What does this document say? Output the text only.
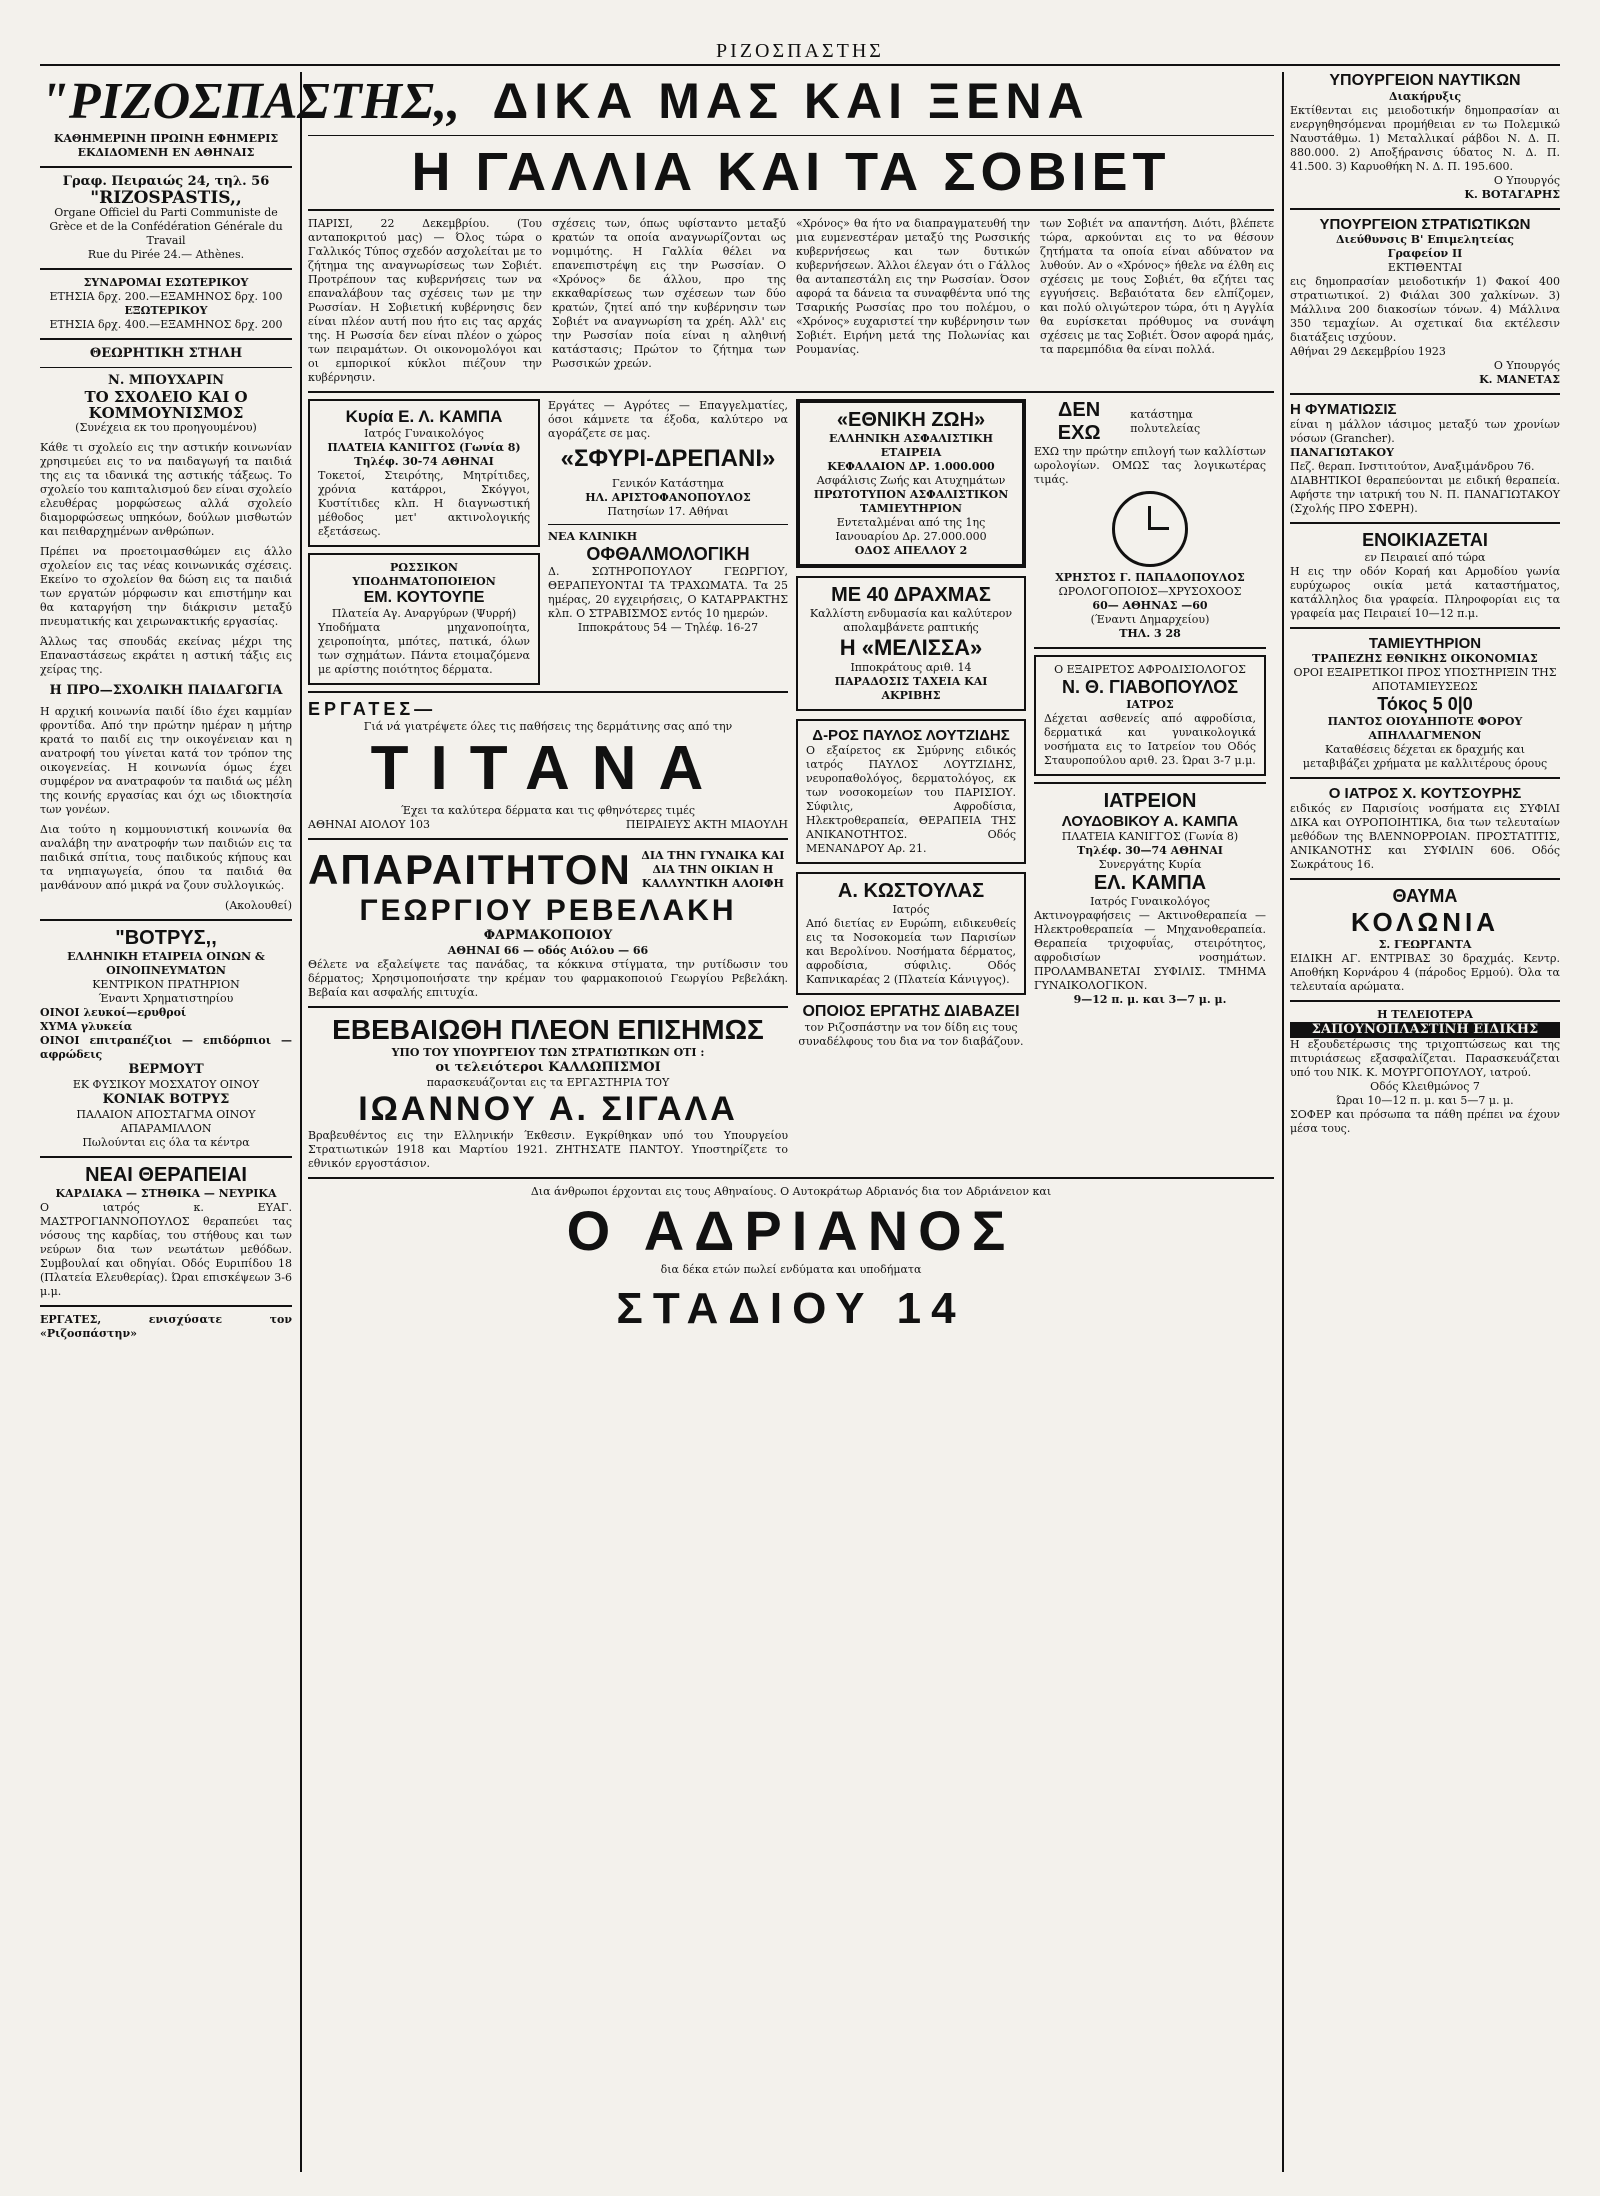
ΡΙΖΟΣΠΑΣΤΗΣ
"ΡΙΖΟΣΠΑΣΤΗΣ,,
ΚΑΘΗΜΕΡΙΝΗ ΠΡΩΙΝΗ ΕΦΗΜΕΡΙΣ
ΕΚΔΙΔΟΜΕΝΗ ΕΝ ΑΘΗΝΑΙΣ
Γραφ. Πειραιώς 24, τηλ. 56
"RIZOSPASTIS,,
Organe Officiel du Parti Communiste de Grèce et de la Confédération Générale du Travail
Rue du Pirée 24.— Athènes.
ΣΥΝΔΡΟΜΑΙ ΕΣΩΤΕΡΙΚΟΥ
ΕΤΗΣΙΑ δρχ. 200.—ΕΞΑΜΗΝΟΣ δρχ. 100
ΕΞΩΤΕΡΙΚΟΥ
ΕΤΗΣΙΑ δρχ. 400.—ΕΞΑΜΗΝΟΣ δρχ. 200
ΘΕΩΡΗΤΙΚΗ ΣΤΗΛΗ
Ν. ΜΠΟΥΧΑΡΙΝ
ΤΟ ΣΧΟΛΕΙΟ ΚΑΙ Ο ΚΟΜΜΟΥΝΙΣΜΟΣ
(Συνέχεια εκ του προηγουμένου)

Κάθε τι σχολείο εις την αστικήν κοινωνίαν χρησιμεύει εις το να παιδαγωγή τα παιδιά της εις τα ιδανικά της αστικής τάξεως. Το σχολείο του καπιταλισμού δεν είναι σχολείο ελευθέρας μορφώσεως αλλά σχολείο διαμορφώσεως υπηκόων, δούλων μισθωτών και πειθαρχημένων ανθρώπων.

Πρέπει να προετοιμασθώμεν εις άλλο σχολείον εις τας νέας κοινωνικάς σχέσεις. Εκείνο το σχολείον θα δώση εις τα παιδιά των εργατών μόρφωσιν και επιστήμην και θα καταργήση την διάκρισιν μεταξύ πνευματικής και χειρωνακτικής εργασίας.

Άλλως τας σπουδάς εκείνας μέχρι της Επαναστάσεως εκράτει η αστική τάξις εις χείρας της.

Η ΠΡΟ—ΣΧΟΛΙΚΗ ΠΑΙΔΑΓΩΓΙΑ

Η αρχική κοινωνία παιδί ίδιο έχει καμμίαν φροντίδα. Από την πρώτην ημέραν η μήτηρ κρατά το παιδί εις την οικογένειαν και η ανατροφή του γίνεται κατά τον τρόπον της οικογενείας. Η κοινωνία όμως έχει συμφέρον να ανατραφούν τα παιδιά ως μέλη της κοινής εργασίας και όχι ως ιδιοκτησία των γονέων.

Δια τούτο η κομμουνιστική κοινωνία θα αναλάβη την ανατροφήν των παιδιών εις τα παιδικά σπίτια, τους παιδικούς κήπους και τα νηπιαγωγεία, όπου τα παιδιά θα μανθάνουν από μικρά να ζουν συλλογικώς.

(Ακολουθεί)
"ΒΟΤΡΥΣ,,
ΕΛΛΗΝΙΚΗ ΕΤΑΙΡΕΙΑ ΟΙΝΩΝ & ΟΙΝΟΠΝΕΥΜΑΤΩΝ
ΚΕΝΤΡΙΚΟΝ ΠΡΑΤΗΡΙΟΝ
Έναντι Χρηματιστηρίου
ΟΙΝΟΙ λευκοί—ερυθροί
ΧΥΜΑ γλυκεία
ΟΙΝΟΙ επιτραπέζιοι — επιδόρπιοι — αφρώδεις
ΒΕΡΜΟΥΤ
ΕΚ ΦΥΣΙΚΟΥ ΜΟΣΧΑΤΟΥ ΟΙΝΟΥ
ΚΟΝΙΑΚ ΒΟΤΡΥΣ
ΠΑΛΑΙΟΝ ΑΠΟΣΤΑΓΜΑ ΟΙΝΟΥ ΑΠΑΡΑΜΙΛΛΟΝ
Πωλούνται εις όλα τα κέντρα
ΝΕΑΙ ΘΕΡΑΠΕΙΑΙ
ΚΑΡΔΙΑΚΑ — ΣΤΗΘΙΚΑ — ΝΕΥΡΙΚΑ
Ο ιατρός κ. ΕΥΑΓ. ΜΑΣΤΡΟΓΙΑΝΝΟΠΟΥΛΟΣ θεραπεύει τας νόσους της καρδίας, του στήθους και των νεύρων δια των νεωτάτων μεθόδων. Συμβουλαί και οδηγίαι. Οδός Ευριπίδου 18 (Πλατεία Ελευθερίας). Ώραι επισκέψεων 3-6 μ.μ.
ΕΡΓΑΤΕΣ, ενισχύσατε τον «Ριζοσπάστην»
ΔΙΚΑ ΜΑΣ ΚΑΙ ΞΕΝΑ
Η ΓΑΛΛΙΑ ΚΑΙ ΤΑ ΣΟΒΙΕΤ

ΠΑΡΙΣΙ, 22 Δεκεμβρίου. (Του ανταποκριτού μας) — Όλος τώρα ο Γαλλικός Τύπος σχεδόν ασχολείται με το ζήτημα της αναγνωρίσεως των Σοβιέτ. Προτρέπουν τας κυβερνήσεις των να επαναλάβουν τας σχέσεις των με την Ρωσσίαν. Η Σοβιετική κυβέρνησις δεν είναι πλέον αυτή που ήτο εις τας αρχάς της. Η Ρωσσία δεν είναι πλέον ο χώρος των πειραμάτων. Οι οικονομολόγοι και οι εμπορικοί κύκλοι πιέζουν την κυβέρνησιν.

σχέσεις των, όπως υφίσταντο μεταξύ κρατών τα οποία αναγνωρίζονται ως νομιμότης. Η Γαλλία θέλει να επανεπιστρέψη εις την Ρωσσίαν. Ο «Χρόνος» δε άλλου, προ της εκκαθαρίσεως των σχέσεων των δύο κρατών, ζητεί από την κυβέρνησιν των Σοβιέτ να αναγνωρίση τα χρέη. Αλλ' εις την Ρωσσίαν ποία είναι η αληθινή κατάστασις; Πρώτον το ζήτημα των Ρωσσικών χρεών.

«Χρόνος» θα ήτο να διαπραγματευθή την μια ευμενεστέραν μεταξύ της Ρωσσικής κυβερνήσεως και των δυτικών κυβερνήσεων. Άλλοι έλεγαν ότι ο Γάλλος θα ανταπεστάλη εις την Ρωσσίαν. Όσον αφορά τα δάνεια τα συναφθέντα υπό της Τσαρικής Ρωσσίας προ του πολέμου, ο «Χρόνος» ευχαριστεί την κυβέρνησιν των Σοβιέτ. Ειρήνη μετά της Πολωνίας και Ρουμανίας.

των Σοβιέτ να απαντήση. Διότι, βλέπετε τώρα, αρκούνται εις το να θέσουν ζητήματα τα οποία είναι αδύνατον να λυθούν. Αν ο «Χρόνος» ήθελε να έλθη εις σχέσεις με τους Σοβιέτ, θα εζήτει τας εγγυήσεις. Βεβαιότατα δεν ελπίζομεν, και πολύ ολιγώτερον τώρα, ότι η Αγγλία θα ευρίσκεται πρόθυμος να συνάψη σχέσεις με τας Σοβιέτ. Όσον αφορά ημάς, τα παρεμπόδια θα είναι πολλά.

Κυρία Ε. Λ. ΚΑΜΠΑ
Ιατρός Γυναικολόγος
ΠΛΑΤΕΙΑ ΚΑΝΙΓΓΟΣ (Γωνία 8)
Τηλέφ. 30-74 ΑΘΗΝΑΙ
Τοκετοί, Στειρότης, Μητρίτιδες, χρόνια κατάρροι, Σκόγγοι, Κυστίτιδες κλπ. Η διαγνωστική μέθοδος μετ' ακτινολογικής εξετάσεως.
ΡΩΣΣΙΚΟΝ ΥΠΟΔΗΜΑΤΟΠΟΙΕΙΟΝ
ΕΜ. ΚΟΥΤΟΥΠΕ
Πλατεία Αγ. Αναργύρων (Ψυρρή)
Υποδήματα μηχανοποίητα, χειροποίητα, μπότες, πατικά, όλων των σχημάτων. Πάντα ετοιμαζόμενα με αρίστης ποιότητος δέρματα.
Εργάτες — Αγρότες — Επαγγελματίες, όσοι κάμνετε τα έξοδα, καλύτερο να αγοράζετε σε μας.
«ΣΦΥΡΙ-ΔΡΕΠΑΝΙ»
Γενικόν Κατάστημα
ΗΛ. ΑΡΙΣΤΟΦΑΝΟΠΟΥΛΟΣ
Πατησίων 17. Αθήναι
ΝΕΑ ΚΛΙΝΙΚΗ
ΟΦΘΑΛΜΟΛΟΓΙΚΗ
Δ. ΣΩΤΗΡΟΠΟΥΛΟΥ ΓΕΩΡΓΙΟΥ, ΘΕΡΑΠΕΥΟΝΤΑΙ ΤΑ ΤΡΑΧΩΜΑΤΑ. Τα 25 ημέρας, 20 εγχειρήσεις, Ο ΚΑΤΑΡΡΑΚΤΗΣ κλπ. Ο ΣΤΡΑΒΙΣΜΟΣ εντός 10 ημερών.
Ιπποκράτους 54 — Τηλέφ. 16-27
ΕΡΓΑΤΕΣ—
Γιά νά γιατρέψετε όλες τις παθήσεις της δερμάτινης σας από την
ΤΙΤΑΝΑ
Έχει τα καλύτερα δέρματα και τις φθηνότερες τιμές
ΑΘΗΝΑΙ ΑΙΟΛΟΥ 103	ΠΕΙΡΑΙΕΥΣ ΑΚΤΗ ΜΙΑΟΥΛΗ
ΑΠΑΡΑΙΤΗΤΟΝ ΔΙΑ ΤΗΝ ΓΥΝΑΙΚΑ ΚΑΙ ΔΙΑ ΤΗΝ ΟΙΚΙΑΝ Η ΚΑΛΛΥΝΤΙΚΗ ΑΛΟΙΦΗ
ΓΕΩΡΓΙΟΥ ΡΕΒΕΛΑΚΗ
ΦΑΡΜΑΚΟΠΟΙΟΥ
ΑΘΗΝΑΙ 66 — οδός Αιόλου — 66
Θέλετε να εξαλείψετε τας πανάδας, τα κόκκινα στίγματα, την ρυτίδωσιν του δέρματος; Χρησιμοποιήσατε την κρέμαν του φαρμακοποιού Γεωργίου Ρεβελάκη. Βεβαία και ασφαλής επιτυχία.
ΕΒΕΒΑΙΩΘΗ ΠΛΕΟΝ ΕΠΙΣΗΜΩΣ
ΥΠΟ ΤΟΥ ΥΠΟΥΡΓΕΙΟΥ ΤΩΝ ΣΤΡΑΤΙΩΤΙΚΩΝ ΟΤΙ :
οι τελειότεροι ΚΑΛΛΩΠΙΣΜΟΙ
παρασκευάζονται εις τα ΕΡΓΑΣΤΗΡΙΑ ΤΟΥ
ΙΩΑΝΝΟΥ Α. ΣΙΓΑΛΑ
Βραβευθέντος εις την Ελληνικήν Έκθεσιν. Εγκρίθηκαν υπό του Υπουργείου Στρατιωτικών 1918 και Μαρτίου 1921. ΖΗΤΗΣΑΤΕ ΠΑΝΤΟΥ. Υποστηρίζετε το εθνικόν εργοστάσιον.
«ΕΘΝΙΚΗ ΖΩΗ»
ΕΛΛΗΝΙΚΗ ΑΣΦΑΛΙΣΤΙΚΗ ΕΤΑΙΡΕΙΑ
ΚΕΦΑΛΑΙΟΝ ΔΡ. 1.000.000
Ασφάλισις Ζωής και Ατυχημάτων
ΠΡΩΤΟΤΥΠΟΝ ΑΣΦΑΛΙΣΤΙΚΟΝ ΤΑΜΙΕΥΤΗΡΙΟΝ
Εντεταλμέναι από της 1ης Ιανουαρίου Δρ. 27.000.000
ΟΔΟΣ ΑΠΕΛΛΟΥ 2
ΜΕ 40 ΔΡΑΧΜΑΣ
Καλλίστη ενδυμασία και καλύτερον απολαμβάνετε ραπτικής
Η «ΜΕΛΙΣΣΑ»
Ιπποκράτους αριθ. 14
ΠΑΡΑΔΟΣΙΣ ΤΑΧΕΙΑ ΚΑΙ ΑΚΡΙΒΗΣ
Δ-ΡΟΣ ΠΑΥΛΟΣ ΛΟΥΤΖΙΔΗΣ
Ο εξαίρετος εκ Σμύρνης ειδικός ιατρός ΠΑΥΛΟΣ ΛΟΥΤΖΙΔΗΣ, νευροπαθολόγος, δερματολόγος, εκ των νοσοκομείων του ΠΑΡΙΣΙΟΥ. Σύφιλις, Αφροδίσια, Ηλεκτροθεραπεία, ΘΕΡΑΠΕΙΑ ΤΗΣ ΑΝΙΚΑΝΟΤΗΤΟΣ. Οδός ΜΕΝΑΝΔΡΟΥ Αρ. 21.
Α. ΚΩΣΤΟΥΛΑΣ
Ιατρός
Από διετίας εν Ευρώπη, ειδικευθείς εις τα Νοσοκομεία των Παρισίων και Βερολίνου. Νοσήματα δέρματος, αφροδίσια, σύφιλις. Οδός Καπνικαρέας 2 (Πλατεία Κάνιγγος).
ΟΠΟΙΟΣ ΕΡΓΑΤΗΣ ΔΙΑΒΑΖΕΙ
τον Ριζοσπάστην να τον δίδη εις τους συναδέλφους του δια να τον διαβάζουν.
ΔΕΝ ΕΧΩ
κατάστημα πολυτελείας
ΕΧΩ την πρώτην επιλογή των καλλίστων ωρολογίων. ΟΜΩΣ τας λογικωτέρας τιμάς.
ΧΡΗΣΤΟΣ Γ. ΠΑΠΑΔΟΠΟΥΛΟΣ
ΩΡΟΛΟΓΟΠΟΙΟΣ—ΧΡΥΣΟΧΟΟΣ
60— ΑΘΗΝΑΣ —60
(Έναντι Δημαρχείου)
ΤΗΛ. 3 28
Ο ΕΞΑΙΡΕΤΟΣ ΑΦΡΟΔΙΣΙΟΛΟΓΟΣ
Ν. Θ. ΓΙΑΒΟΠΟΥΛΟΣ
ΙΑΤΡΟΣ
Δέχεται ασθενείς από αφροδίσια, δερματικά και γυναικολογικά νοσήματα εις το Ιατρείον του Οδός Σταυροπούλου αριθ. 23. Ώραι 3-7 μ.μ.
ΙΑΤΡΕΙΟΝ
ΛΟΥΔΟΒΙΚΟΥ Α. ΚΑΜΠΑ
ΠΛΑΤΕΙΑ ΚΑΝΙΓΓΟΣ (Γωνία 8)
Τηλέφ. 30—74 ΑΘΗΝΑΙ
Συνεργάτης Κυρία
ΕΛ. ΚΑΜΠΑ
Ιατρός Γυναικολόγος
Ακτινογραφήσεις — Ακτινοθεραπεία — Ηλεκτροθεραπεία — Μηχανοθεραπεία. Θεραπεία τριχοφυΐας, στειρότητος, αφροδισίων νοσημάτων. ΠΡΟΛΑΜΒΑΝΕΤΑΙ ΣΥΦΙΛΙΣ. ΤΜΗΜΑ ΓΥΝΑΙΚΟΛΟΓΙΚΟΝ.
9—12 π. μ. και 3—7 μ. μ.
Δια άνθρωποι έρχονται εις τους Αθηναίους. Ο Αυτοκράτωρ Αδριανός δια τον Αδριάνειον και
Ο ΑΔΡΙΑΝΟΣ
δια δέκα ετών πωλεί ενδύματα και υποδήματα
ΣΤΑΔΙΟΥ 14
ΥΠΟΥΡΓΕΙΟΝ ΝΑΥΤΙΚΩΝ
Διακήρυξις
Εκτίθενται εις μειοδοτικήν δημοπρασίαν αι ενεργηθησόμεναι προμήθειαι εν τω Πολεμικώ Ναυστάθμω. 1) Μεταλλικαί ράβδοι Ν. Δ. Π. 880.000. 2) Αποξήρανσις ύδατος Ν. Δ. Π. 41.500. 3) Καρυοθήκη Ν. Δ. Π. 195.600.
Ο Υπουργός
Κ. ΒΟΤΑΓΑΡΗΣ
ΥΠΟΥΡΓΕΙΟΝ ΣΤΡΑΤΙΩΤΙΚΩΝ
Διεύθυνσις Β' Επιμελητείας
Γραφείον ΙΙ
ΕΚΤΙΘΕΝΤΑΙ
εις δημοπρασίαν μειοδοτικήν 1) Φακοί 400 στρατιωτικοί. 2) Φιάλαι 300 χαλκίνων. 3) Μάλλινα 200 διακοσίων τόνων. 4) Μάλλινα 350 τεμαχίων. Αι σχετικαί δια εκτέλεσιν διατάξεις ισχύουν.
Αθήναι 29 Δεκεμβρίου 1923
Ο Υπουργός
Κ. ΜΑΝΕΤΑΣ
Η ΦΥΜΑΤΙΩΣΙΣ
είναι η μάλλον ιάσιμος μεταξύ των χρονίων νόσων (Grancher).
ΠΑΝΑΓΙΩΤΑΚΟΥ
Πεζ. θεραπ. Ινστιτούτον, Αναξιμάνδρου 76.
ΔΙΑΒΗΤΙΚΟΙ θεραπεύονται με ειδική θεραπεία. Αφήστε την ιατρική του Ν. Π. ΠΑΝΑΓΙΩΤΑΚΟΥ (Σχολής ΠΡΟ ΣΦΕΡΗ).
ΕΝΟΙΚΙΑΖΕΤΑΙ
εν Πειραιεί από τώρα
Η εις την οδόν Κοραή και Αρμοδίου γωνία ευρύχωρος οικία μετά καταστήματος, κατάλληλος δια γραφεία. Πληροφορίαι εις τα γραφεία μας Πειραιεί 10—12 π.μ.
ΤΑΜΙΕΥΤΗΡΙΟΝ
ΤΡΑΠΕΖΗΣ ΕΘΝΙΚΗΣ ΟΙΚΟΝΟΜΙΑΣ
ΟΡΟΙ ΕΞΑΙΡΕΤΙΚΟΙ ΠΡΟΣ ΥΠΟΣΤΗΡΙΞΙΝ ΤΗΣ ΑΠΟΤΑΜΙΕΥΣΕΩΣ
Τόκος 5 0|0
ΠΑΝΤΟΣ ΟΙΟΥΔΗΠΟΤΕ ΦΟΡΟΥ ΑΠΗΛΛΑΓΜΕΝΟΝ
Καταθέσεις δέχεται εκ δραχμής και μεταβιβάζει χρήματα με καλλιτέρους όρους
Ο ΙΑΤΡΟΣ Χ. ΚΟΥΤΣΟΥΡΗΣ
ειδικός εν Παρισίοις νοσήματα εις ΣΥΦΙΛΙ ΔΙΚΑ και ΟΥΡΟΠΟΙΗΤΙΚΑ, δια των τελευταίων μεθόδων της ΒΛΕΝΝΟΡΡΟΙΑΝ. ΠΡΟΣΤΑΤΙΤΙΣ, ΑΝΙΚΑΝΟΤΗΣ και ΣΥΦΙΛΙΝ 606. Οδός Σωκράτους 16.
ΘΑΥΜΑ
ΚΟΛΩΝΙΑ
Σ. ΓΕΩΡΓΑΝΤΑ
ΕΙΔΙΚΗ ΑΓ. ΕΝΤΡΙΒΑΣ 30 δραχμάς. Κεντρ. Αποθήκη Κορνάρου 4 (πάροδος Ερμού). Όλα τα τελευταία αρώματα.
Η ΤΕΛΕΙΟΤΕΡΑ
ΣΑΠΟΥΝΟΠΛΑΣΤΙΝΗ ΕΙΔΙΚΗΣ
Η εξουδετέρωσις της τριχοπτώσεως και της πιτυριάσεως εξασφαλίζεται. Παρασκευάζεται υπό του ΝΙΚ. Κ. ΜΟΥΡΓΟΠΟΥΛΟΥ, ιατρού.
Οδός Κλειθμώνος 7
Ώραι 10—12 π. μ. και 5—7 μ. μ.
ΣΟΦΕΡ και πρόσωπα τα πάθη πρέπει να έχουν μέσα τους.
